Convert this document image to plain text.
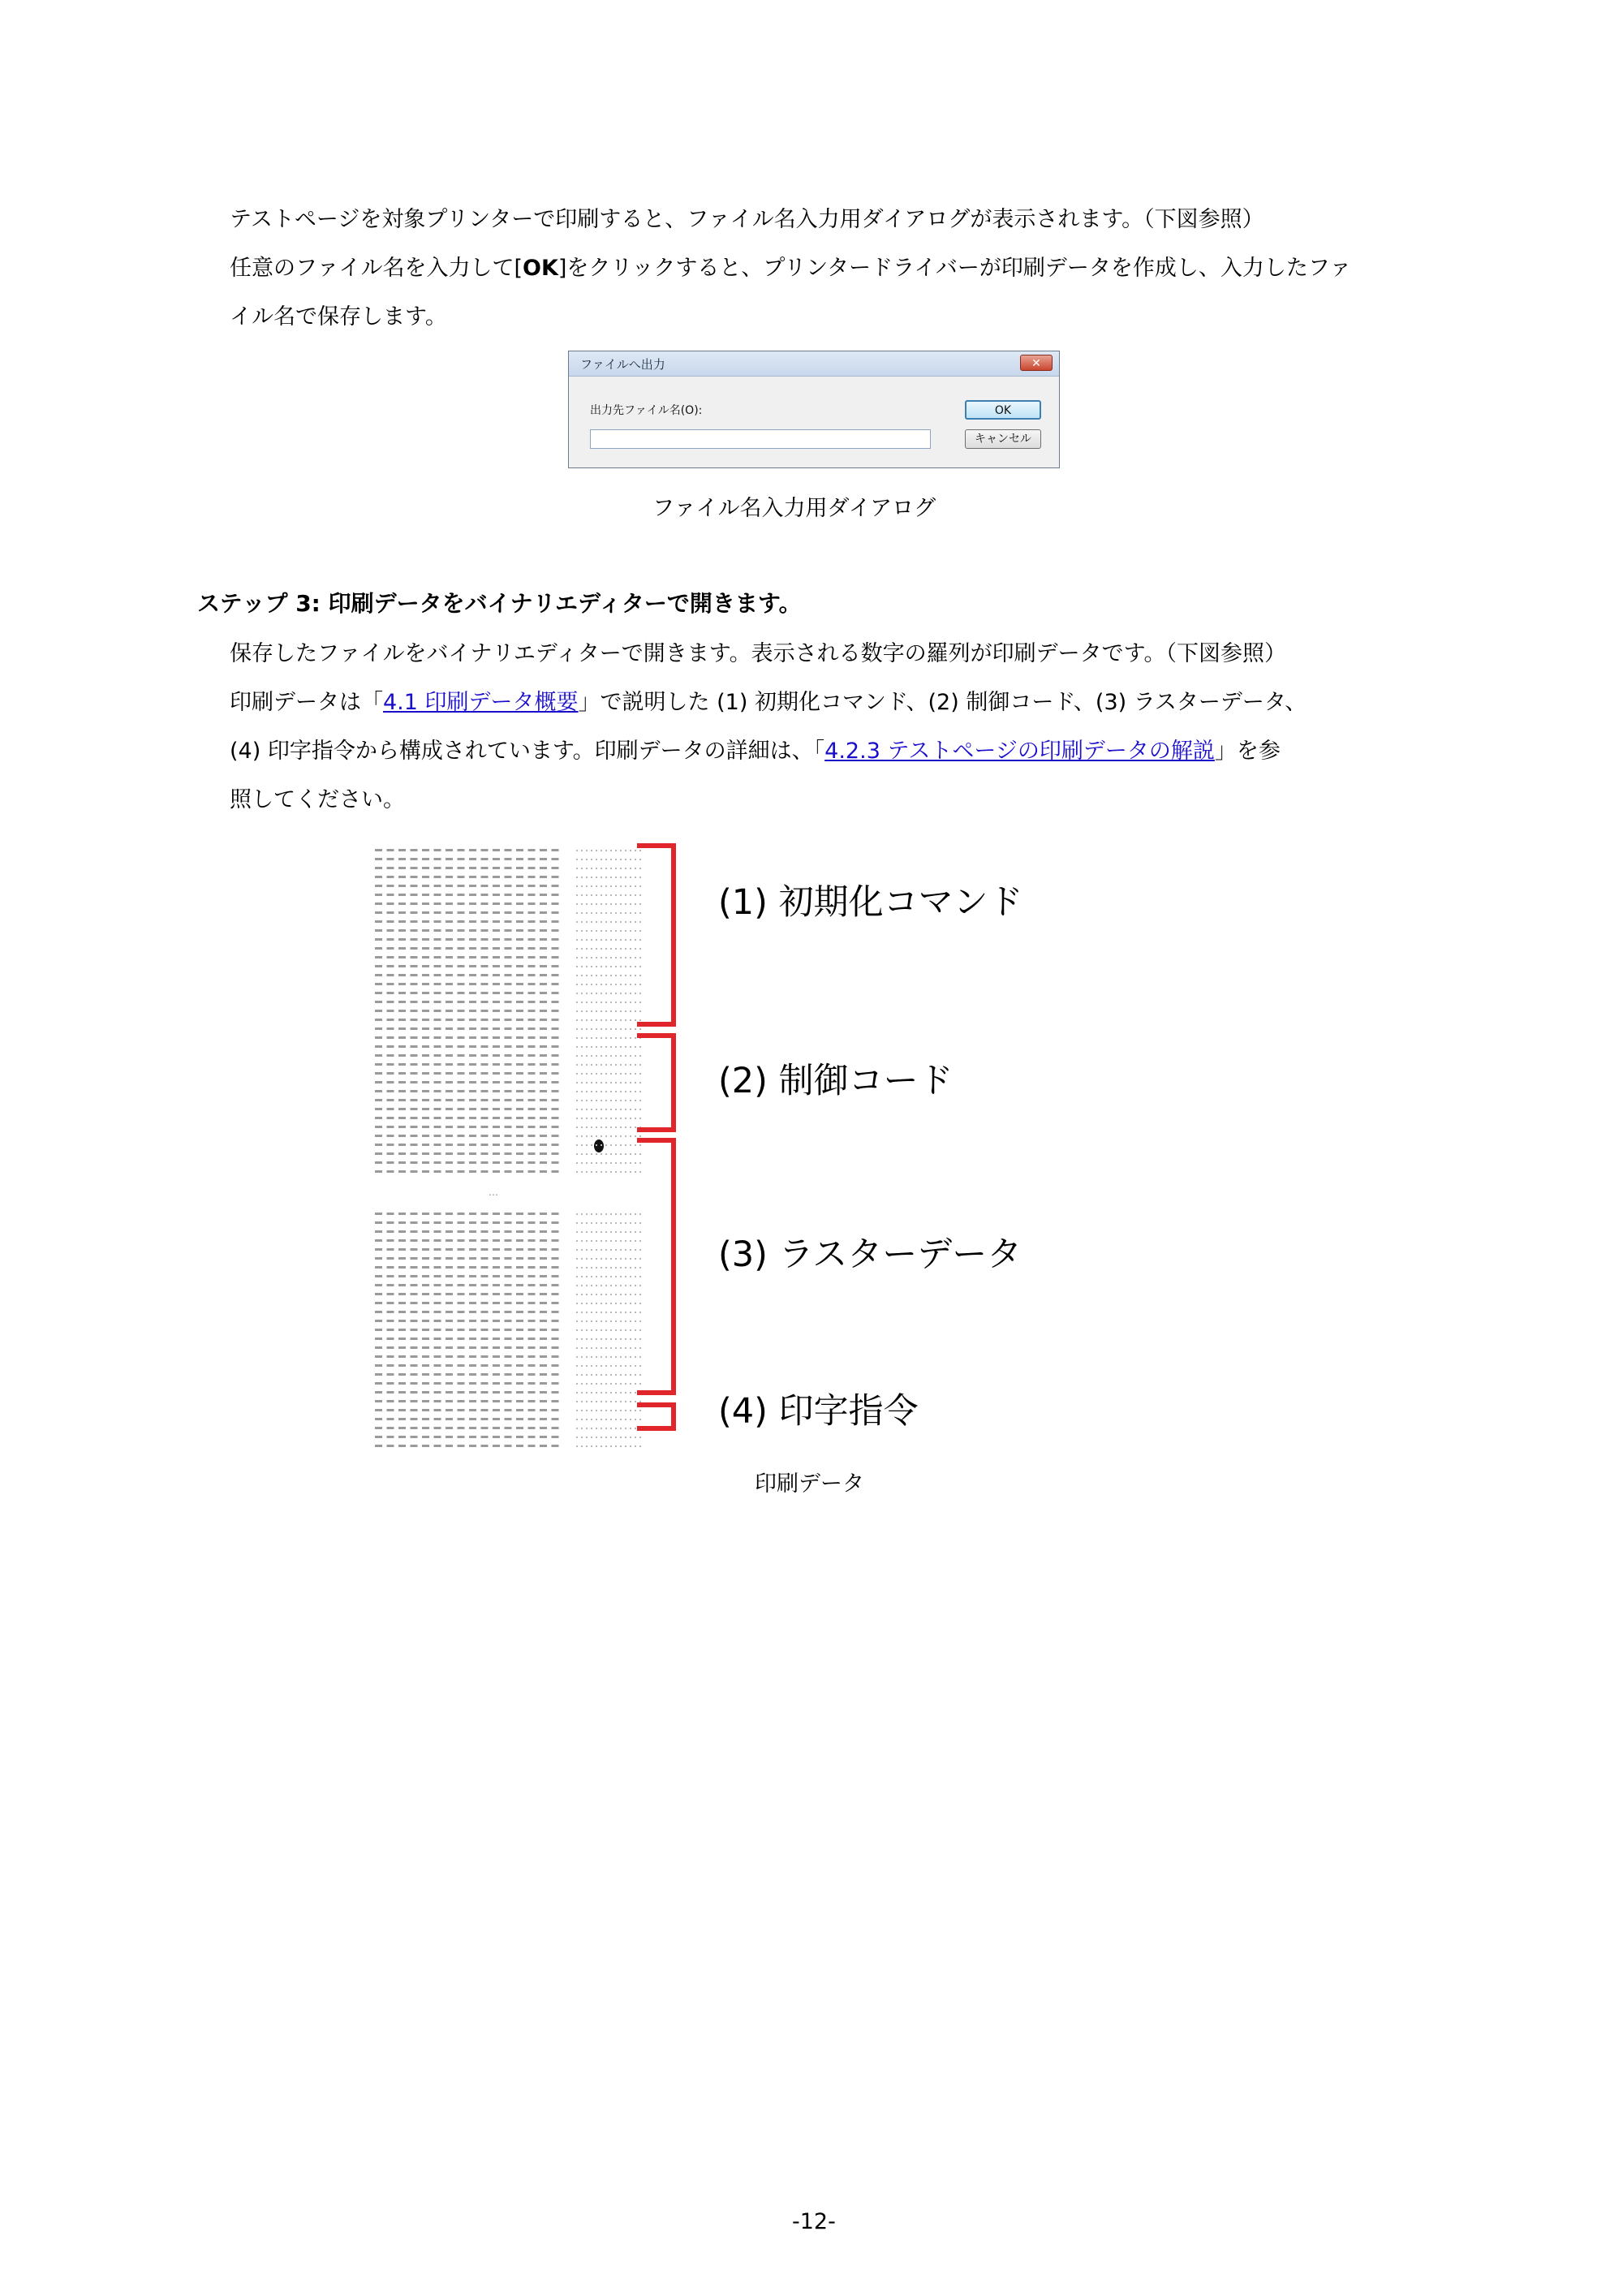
テストページを対象プリンターで印刷すると、ファイル名入力用ダイアログが表示されます。（下図参照）
任意のファイル名を入力して[OK]をクリックすると、プリンタードライバーが印刷データを作成し、入力したファ
イル名で保存します。
ファイルへ出力	✕
出力先ファイル名(O):	OK
キャンセル
ファイル名入力用ダイアログ
ステップ 3: 印刷データをバイナリエディターで開きます。
保存したファイルをバイナリエディターで開きます。表示される数字の羅列が印刷データです。（下図参照）
印刷データは「4.1 印刷データ概要」で説明した (1) 初期化コマンド、(2) 制御コード、(3) ラスターデータ、
(4) 印字指令から構成されています。印刷データの詳細は、「4.2.3 テストページの印刷データの解説」を参
照してください。
…
(1) 初期化コマンド
(2) 制御コード
(3) ラスターデータ
(4) 印字指令
印刷データ
-12-
